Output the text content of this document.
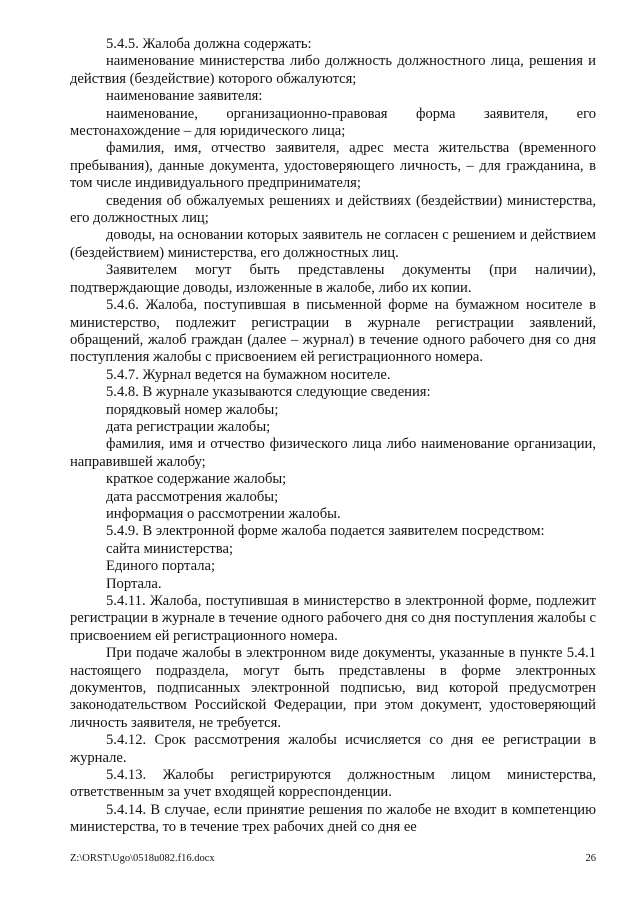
5.4.5. Жалоба должна содержать:

наименование министерства либо должность должностного лица, решения и действия (бездействие) которого обжалуются;

наименование заявителя:

наименование, организационно-правовая форма заявителя, его местонахождение – для юридического лица;

фамилия, имя, отчество заявителя, адрес места жительства (временного пребывания), данные документа, удостоверяющего личность, – для гражданина, в том числе индивидуального предпринимателя;

сведения об обжалуемых решениях и действиях (бездействии) министерства, его должностных лиц;

доводы, на основании которых заявитель не согласен с решением и действием (бездействием) министерства, его должностных лиц.

Заявителем могут быть представлены документы (при наличии), подтверждающие доводы, изложенные в жалобе, либо их копии.

5.4.6. Жалоба, поступившая в письменной форме на бумажном носителе в министерство, подлежит регистрации в журнале регистрации заявлений, обращений, жалоб граждан (далее – журнал) в течение одного рабочего дня со дня поступления жалобы с присвоением ей регистрационного номера.

5.4.7. Журнал ведется на бумажном носителе.

5.4.8. В журнале указываются следующие сведения:

порядковый номер жалобы;

дата регистрации жалобы;

фамилия, имя и отчество физического лица либо наименование организации, направившей жалобу;

краткое содержание жалобы;

дата рассмотрения жалобы;

информация о рассмотрении жалобы.

5.4.9. В электронной форме жалоба подается заявителем посредством:

сайта министерства;

Единого портала;

Портала.

5.4.11. Жалоба, поступившая в министерство в электронной форме, подлежит регистрации в журнале в течение одного рабочего дня со дня поступления жалобы с присвоением ей регистрационного номера.

При подаче жалобы в электронном виде документы, указанные в пункте 5.4.1 настоящего подраздела, могут быть представлены в форме электронных документов, подписанных электронной подписью, вид которой предусмотрен законодательством Российской Федерации, при этом документ, удостоверяющий личность заявителя, не требуется.

5.4.12. Срок рассмотрения жалобы исчисляется со дня ее регистрации в журнале.

5.4.13. Жалобы регистрируются должностным лицом министерства, ответственным за учет входящей корреспонденции.

5.4.14. В случае, если принятие решения по жалобе не входит в компетенцию министерства, то в течение трех рабочих дней со дня ее

Z:\ORST\Ugo\0518u082.f16.docx	26
